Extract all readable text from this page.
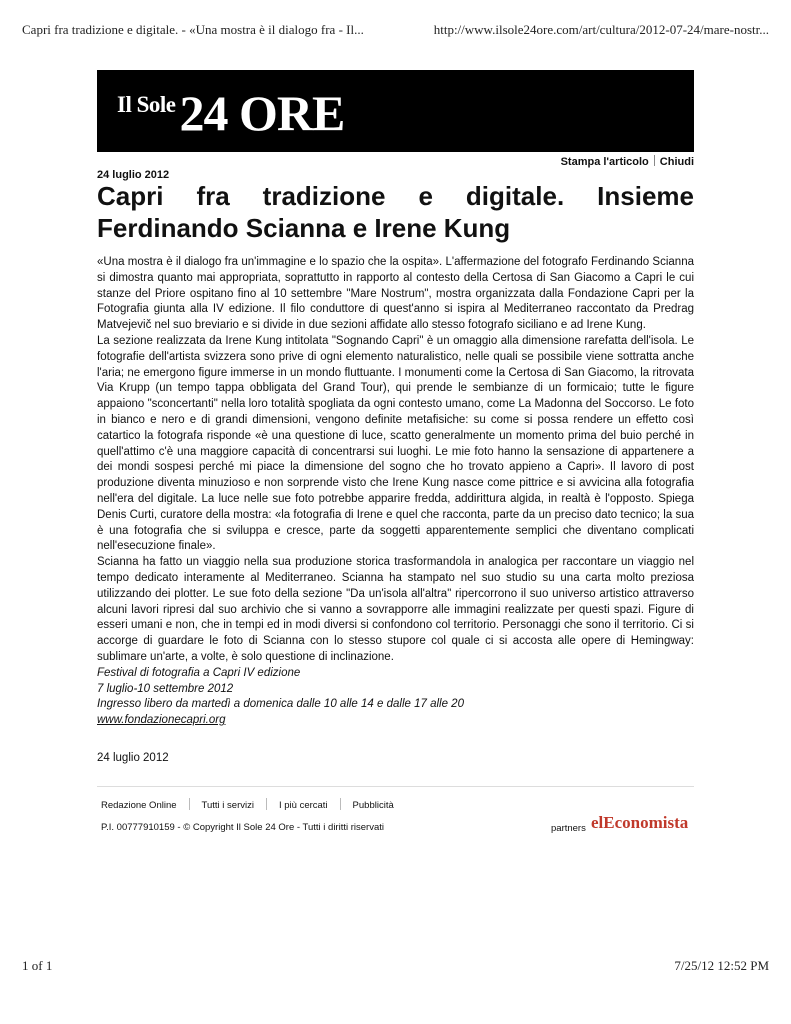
Capri fra tradizione e digitale. - «Una mostra è il dialogo fra - Il...	http://www.ilsole24ore.com/art/cultura/2012-07-24/mare-nostr...
Il Sole 24 ORE
Stampa l'articolo Chiudi
24 luglio 2012
Capri fra tradizione e digitale. Insieme Ferdinando Scianna e Irene Kung

«Una mostra è il dialogo fra un'immagine e lo spazio che la ospita». L'affermazione del fotografo Ferdinando Scianna si dimostra quanto mai appropriata, soprattutto in rapporto al contesto della Certosa di San Giacomo a Capri le cui stanze del Priore ospitano fino al 10 settembre "Mare Nostrum", mostra organizzata dalla Fondazione Capri per la Fotografia giunta alla IV edizione. Il filo conduttore di quest'anno si ispira al Mediterraneo raccontato da Predrag Matvejevič nel suo breviario e si divide in due sezioni affidate allo stesso fotografo siciliano e ad Irene Kung.

La sezione realizzata da Irene Kung intitolata "Sognando Capri" è un omaggio alla dimensione rarefatta dell'isola. Le fotografie dell'artista svizzera sono prive di ogni elemento naturalistico, nelle quali se possibile viene sottratta anche l'aria; ne emergono figure immerse in un mondo fluttuante. I monumenti come la Certosa di San Giacomo, la ritrovata Via Krupp (un tempo tappa obbligata del Grand Tour), qui prende le sembianze di un formicaio; tutte le figure appaiono "sconcertanti" nella loro totalità spogliata da ogni contesto umano, come La Madonna del Soccorso. Le foto in bianco e nero e di grandi dimensioni, vengono definite metafisiche: su come si possa rendere un effetto così catartico la fotografa risponde «è una questione di luce, scatto generalmente un momento prima del buio perché in quell'attimo c'è una maggiore capacità di concentrarsi sui luoghi. Le mie foto hanno la sensazione di appartenere a dei mondi sospesi perché mi piace la dimensione del sogno che ho trovato appieno a Capri». Il lavoro di post produzione diventa minuzioso e non sorprende visto che Irene Kung nasce come pittrice e si avvicina alla fotografia nell'era del digitale. La luce nelle sue foto potrebbe apparire fredda, addirittura algida, in realtà è l'opposto. Spiega Denis Curti, curatore della mostra: «la fotografia di Irene e quel che racconta, parte da un preciso dato tecnico; la sua è una fotografia che si sviluppa e cresce, parte da soggetti apparentemente semplici che diventano complicati nell'esecuzione finale».

Scianna ha fatto un viaggio nella sua produzione storica trasformandola in analogica per raccontare un viaggio nel tempo dedicato interamente al Mediterraneo. Scianna ha stampato nel suo studio su una carta molto preziosa utilizzando dei plotter. Le sue foto della sezione "Da un'isola all'altra" ripercorrono il suo universo artistico attraverso alcuni lavori ripresi dal suo archivio che si vanno a sovrapporre alle immagini realizzate per questi spazi. Figure di esseri umani e non, che in tempi ed in modi diversi si confondono col territorio. Personaggi che sono il territorio. Ci si accorge di guardare le foto di Scianna con lo stesso stupore col quale ci si accosta alle opere di Hemingway: sublimare un'arte, a volte, è solo questione di inclinazione.

Festival di fotografia a Capri IV edizione

7 luglio-10 settembre 2012

Ingresso libero da martedì a domenica dalle 10 alle 14 e dalle 17 alle 20

www.fondazionecapri.org

24 luglio 2012
Redazione Online	Tutti i servizi	I più cercati	Pubblicità
P.I. 00777910159 - © Copyright Il Sole 24 Ore - Tutti i diritti riservati	partners elEconomista
1 of 1	7/25/12 12:52 PM
